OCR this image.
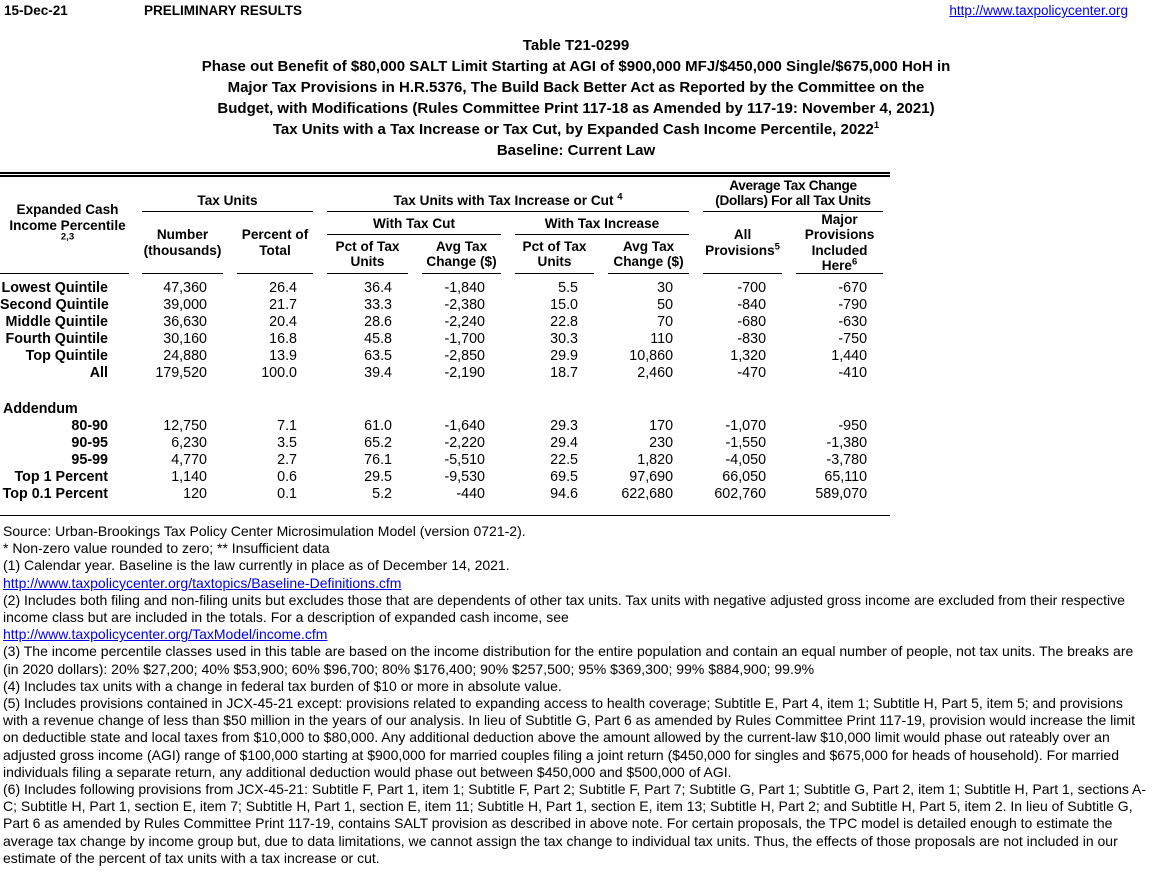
15-Dec-21	PRELIMINARY RESULTS	http://www.taxpolicycenter.org
Table T21-0299
Phase out Benefit of $80,000 SALT Limit Starting at AGI of $900,000 MFJ/$450,000 Single/$675,000 HoH in
Major Tax Provisions in H.R.5376, The Build Back Better Act as Reported by the Committee on the
Budget, with Modifications (Rules Committee Print 117-18 as Amended by 117-19: November 4, 2021)
Tax Units with a Tax Increase or Tax Cut, by Expanded Cash Income Percentile, 2022$^1$
Baseline: Current Law
Expanded Cash Income Percentile $^{2,3}$	Tax Units		Tax Units with Tax Increase or Cut $^4$				Average Tax Change (Dollars) For all Tax Units	
	Number (thousands)	Percent of Total	With Tax Cut		With Tax Increase		All Provisions$^5$	Major Provisions Included Here$^6$
			Pct of Tax Units	Avg Tax Change ($)	Pct of Tax Units	Avg Tax Change ($)		
Lowest Quintile	47,360	26.4	36.4	-1,840	5.5	30	-700	-670
Second Quintile	39,000	21.7	33.3	-2,380	15.0	50	-840	-790
Middle Quintile	36,630	20.4	28.6	-2,240	22.8	70	-680	-630
Fourth Quintile	30,160	16.8	45.8	-1,700	30.3	110	-830	-750
Top Quintile	24,880	13.9	63.5	-2,850	29.9	10,860	1,320	1,440
All	179,520	100.0	39.4	-2,190	18.7	2,460	-470	-410

Addendum								
80-90	12,750	7.1	61.0	-1,640	29.3	170	-1,070	-950
90-95	6,230	3.5	65.2	-2,220	29.4	230	-1,550	-1,380
95-99	4,770	2.7	76.1	-5,510	22.5	1,820	-4,050	-3,780
Top 1 Percent	1,140	0.6	29.5	-9,530	69.5	97,690	66,050	65,110
Top 0.1 Percent	120	0.1	5.2	-440	94.6	622,680	602,760	589,070

Source: Urban-Brookings Tax Policy Center Microsimulation Model (version 0721-2).
* Non-zero value rounded to zero; ** Insufficient data
(1) Calendar year. Baseline is the law currently in place as of December 14, 2021.
http://www.taxpolicycenter.org/taxtopics/Baseline-Definitions.cfm
(2) Includes both filing and non-filing units but excludes those that are dependents of other tax units. Tax units with negative adjusted gross income are excluded from their respective income class but are included in the totals. For a description of expanded cash income, see
http://www.taxpolicycenter.org/TaxModel/income.cfm
(3) The income percentile classes used in this table are based on the income distribution for the entire population and contain an equal number of people, not tax units. The breaks are (in 2020 dollars): 20% $27,200; 40% $53,900; 60% $96,700; 80% $176,400; 90% $257,500; 95% $369,300; 99% $884,900; 99.9%
(4) Includes tax units with a change in federal tax burden of $10 or more in absolute value.
(5) Includes provisions contained in JCX-45-21 except: provisions related to expanding access to health coverage; Subtitle E, Part 4, item 1; Subtitle H, Part 5, item 5; and provisions with a revenue change of less than $50 million in the years of our analysis. In lieu of Subtitle G, Part 6 as amended by Rules Committee Print 117-19, provision would increase the limit on deductible state and local taxes from $10,000 to $80,000. Any additional deduction above the amount allowed by the current-law $10,000 limit would phase out rateably over an adjusted gross income (AGI) range of $100,000 starting at $900,000 for married couples filing a joint return ($450,000 for singles and $675,000 for heads of household). For married individuals filing a separate return, any additional deduction would phase out between $450,000 and $500,000 of AGI.
(6) Includes following provisions from JCX-45-21: Subtitle F, Part 1, item 1; Subtitle F, Part 2; Subtitle F, Part 7; Subtitle G, Part 1; Subtitle G, Part 2, item 1; Subtitle H, Part 1, sections A-C; Subtitle H, Part 1, section E, item 7; Subtitle H, Part 1, section E, item 11; Subtitle H, Part 1, section E, item 13; Subtitle H, Part 2; and Subtitle H, Part 5, item 2. In lieu of Subtitle G, Part 6 as amended by Rules Committee Print 117-19, contains SALT provision as described in above note. For certain proposals, the TPC model is detailed enough to estimate the average tax change by income group but, due to data limitations, we cannot assign the tax change to individual tax units. Thus, the effects of those proposals are not included in our estimate of the percent of tax units with a tax increase or cut.
